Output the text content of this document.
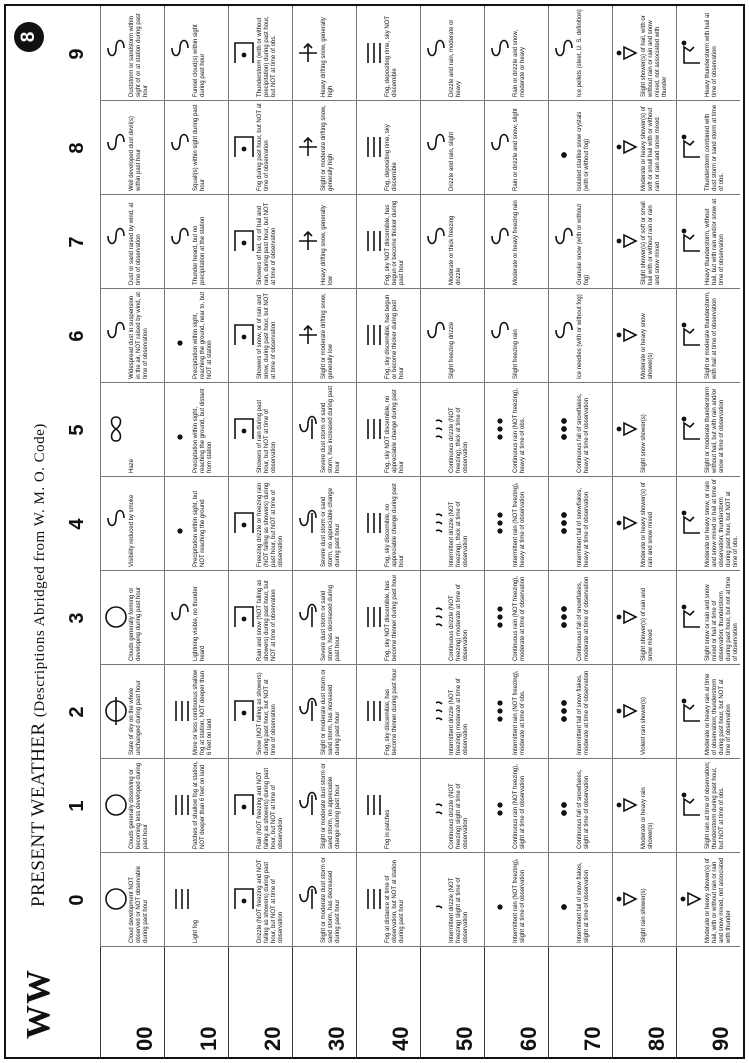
WW
PRESENT WEATHER (Descriptions Abridged from W. M. O. Code)
8
0
1
2
3
4
5
6
7
8
9
00
Cloud development NOT observed or NOT observable during past hour
Clouds generally dissolving or becoming less developed during past hour
State of sky on the whole unchanged during past hour
Clouds generally forming or developing during past hour
Visibility reduced by smoke
Haze
Widespread dust in suspension in the air, NOT raised by wind, at time of observation
Dust or sand raised by wind, at time of observation
Well developed dust devil(s) within past hour
Duststorm or sandstorm within sight of or at station during past hour
10
Light fog
Patches of shallow fog at station, NOT deeper than 6 feet on land
More or less continuous shallow fog at station, NOT deeper than 6 feet on land
Lightning visible, no thunder heard
Precipitation within sight, but NOT reaching the ground
Precipitation within sight, reaching the ground, but distant from station
Precipitation within sight, reaching the ground, near to, but NOT at station
Thunder heard, but no precipitation at the station
Squall(s) within sight during past hour
Funnel cloud(s) within sight during past hour
20
Drizzle (NOT freezing and NOT falling as showers) during past hour, but NOT at time of observation
Rain (NOT freezing and NOT falling as showers) during past hour, but NOT at time of observation
Snow (NOT falling as showers) during past hour, but NOT at time of observation
Rain and snow (NOT falling as showers) during past hour, but NOT at time of observation
Freezing drizzle or freezing rain (NOT falling as showers) during past hour, but NOT at time of observation
Showers of rain during past hour, but NOT at time of observation
Showers of snow, or of rain and snow, during past hour, but NOT at time of observation
Showers of hail, or of hail and rain, during past hour, but NOT at time of observation
Fog during past hour, but NOT at time of observation
Thunderstorm (with or without precipitation) during past hour, but NOT at time of obs.
30
Slight or moderate dust storm or sand storm, has decreased during past hour
Slight or moderate dust storm or sand storm, no appreciable change during past hour
Slight or moderate dust storm or sand storm, has increased during past hour
Severe dust storm or sand storm, has decreased during past hour
Severe dust storm or sand storm, no appreciable change during past hour
Severe dust storm or sand storm, has increased during past hour
Slight or moderate drifting snow, generally low
Heavy drifting snow, generally low
Slight or moderate drifting snow, generally high
Heavy drifting snow, generally high
40
Fog at distance at time of observation, but NOT at station during past hour
Fog in patches
Fog, sky discernible, has become thinner during past hour
Fog, sky NOT discernible, has become thinner during past hour
Fog, sky discernible, no appreciable change during past hour
Fog, sky NOT discernible, no appreciable change during past hour
Fog, sky discernible, has begun or become thicker during past hour
Fog, sky NOT discernible, has begun or become thicker during past hour
Fog, depositing rime, sky discernible
Fog, depositing rime, sky NOT discernible
50
Intermittent drizzle (NOT freezing) slight at time of observation
Continuous drizzle (NOT freezing) slight at time of observation
Intermittent drizzle (NOT freezing) moderate at time of observation
Continuous drizzle (NOT freezing) moderate at time of observation
Intermittent drizzle (NOT freezing), thick at time of observation
Continuous drizzle (NOT freezing), thick at time of observation
Slight freezing drizzle
Moderate or thick freezing drizzle
Drizzle and rain, slight
Drizzle and rain, moderate or heavy
60
Intermittent rain (NOT freezing), slight at time of observation
Continuous rain (NOT freezing), slight at time of observation
Intermittent rain (NOT freezing), moderate at time of obs.
Continuous rain (NOT freezing), moderate at time of observation
Intermittent rain (NOT freezing), heavy at time of observation
Continuous rain (NOT freezing), heavy at time of obs.
Slight freezing rain
Moderate or heavy freezing rain
Rain or drizzle and snow, slight
Rain or drizzle and snow, moderate or heavy
70
Intermittent fall of snow flakes, slight at time of observation
Continuous fall of snowflakes, slight at time of observation
Intermittent fall of snow flakes, moderate at time of observation
Continuous fall of snowflakes, moderate at time of observation
Intermittent fall of snowflakes, heavy at time of observation
Continuous fall of snowflakes, heavy at time of observation
Ice needles (with or without fog)
Granular snow (with or without fog)
Isolated starlike snow crystals (with or without fog)
Ice pellets (sleet, U. S. definition)
80
Slight rain shower(s)
Moderate or heavy rain shower(s)
Violent rain shower(s)
Slight shower(s) of rain and snow mixed
Moderate or heavy shower(s) of rain and snow mixed
Slight snow shower(s)
Moderate or heavy snow shower(s)
Slight shower(s) of soft or small hail with or without rain or rain and snow mixed
Moderate or heavy shower(s) of soft or small hail with or without rain or rain and snow mixed
Slight shower(s) of hail, with or without rain or rain and snow mixed, not associated with thunder
90
Moderate or heavy shower(s) of hail, with or without rain or rain and snow mixed, not associated with thunder
Slight rain at time of observation; thunderstorm during past hour, but NOT at time of obs.
Moderate or heavy rain at time of observation; thunderstorm during past hour, but NOT at time of observation
Slight snow or rain and snow mixed or hail at time of observation; thunderstorm during past hour, but not at time of observation
Moderate or heavy snow, or rain and snow mixed or hail at time of observation; thunderstorm during past hour, but NOT at time of obs.
Slight or moderate thunderstorm without hail, but with rain and/or snow at time of observation
Slight or moderate thunderstorm, with hail at time of observation
Heavy thunderstorm, without hail, but with rain and/or snow at time of observation
Thunderstorm combined with dust storm or sand storm at time of obs.
Heavy thunderstorm with hail at time of observation
